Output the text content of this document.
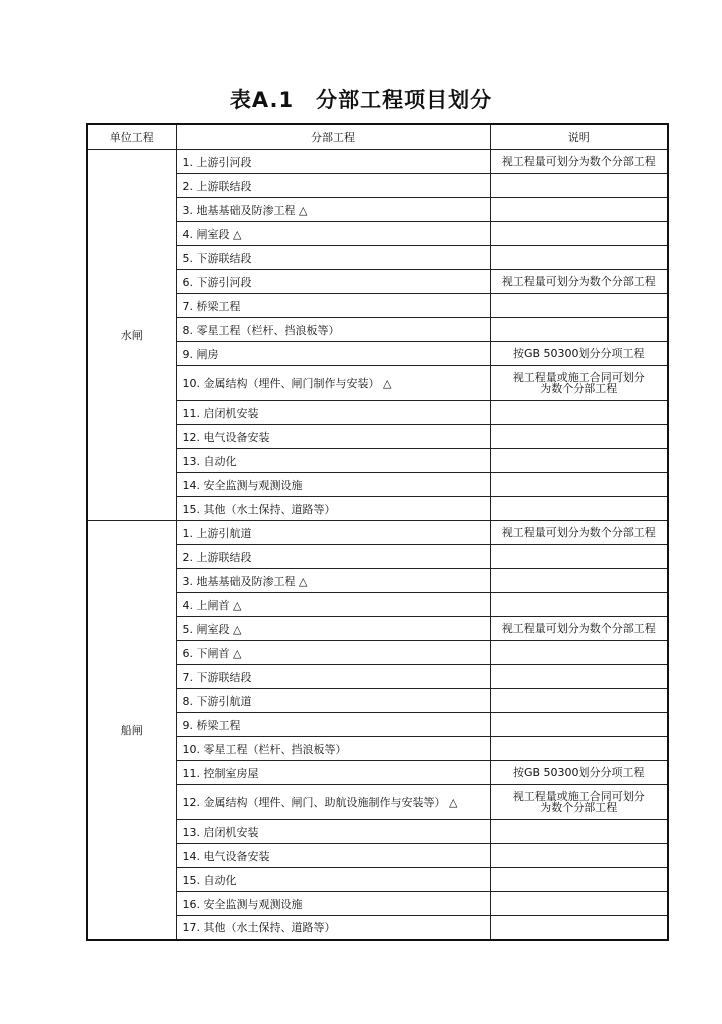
表A.1　分部工程项目划分
单位工程	分部工程	说明
水闸	1. 上游引河段	视工程量可划分为数个分部工程
	2. 上游联结段	
	3. 地基基础及防渗工程 △	
	4. 闸室段 △	
	5. 下游联结段	
	6. 下游引河段	视工程量可划分为数个分部工程
	7. 桥梁工程	
	8. 零星工程（栏杆、挡浪板等）	
	9. 闸房	按GB 50300划分分项工程
	10. 金属结构（埋件、闸门制作与安装） △	视工程量或施工合同可划分为数个分部工程
	11. 启闭机安装	
	12. 电气设备安装	
	13. 自动化	
	14. 安全监测与观测设施	
	15. 其他（水土保持、道路等）	
船闸	1. 上游引航道	视工程量可划分为数个分部工程
	2. 上游联结段	
	3. 地基基础及防渗工程 △	
	4. 上闸首 △	
	5. 闸室段 △	视工程量可划分为数个分部工程
	6. 下闸首 △	
	7. 下游联结段	
	8. 下游引航道	
	9. 桥梁工程	
	10. 零星工程（栏杆、挡浪板等）	
	11. 控制室房屋	按GB 50300划分分项工程
	12. 金属结构（埋件、闸门、助航设施制作与安装等） △	视工程量或施工合同可划分为数个分部工程
	13. 启闭机安装	
	14. 电气设备安装	
	15. 自动化	
	16. 安全监测与观测设施	
	17. 其他（水土保持、道路等）	
